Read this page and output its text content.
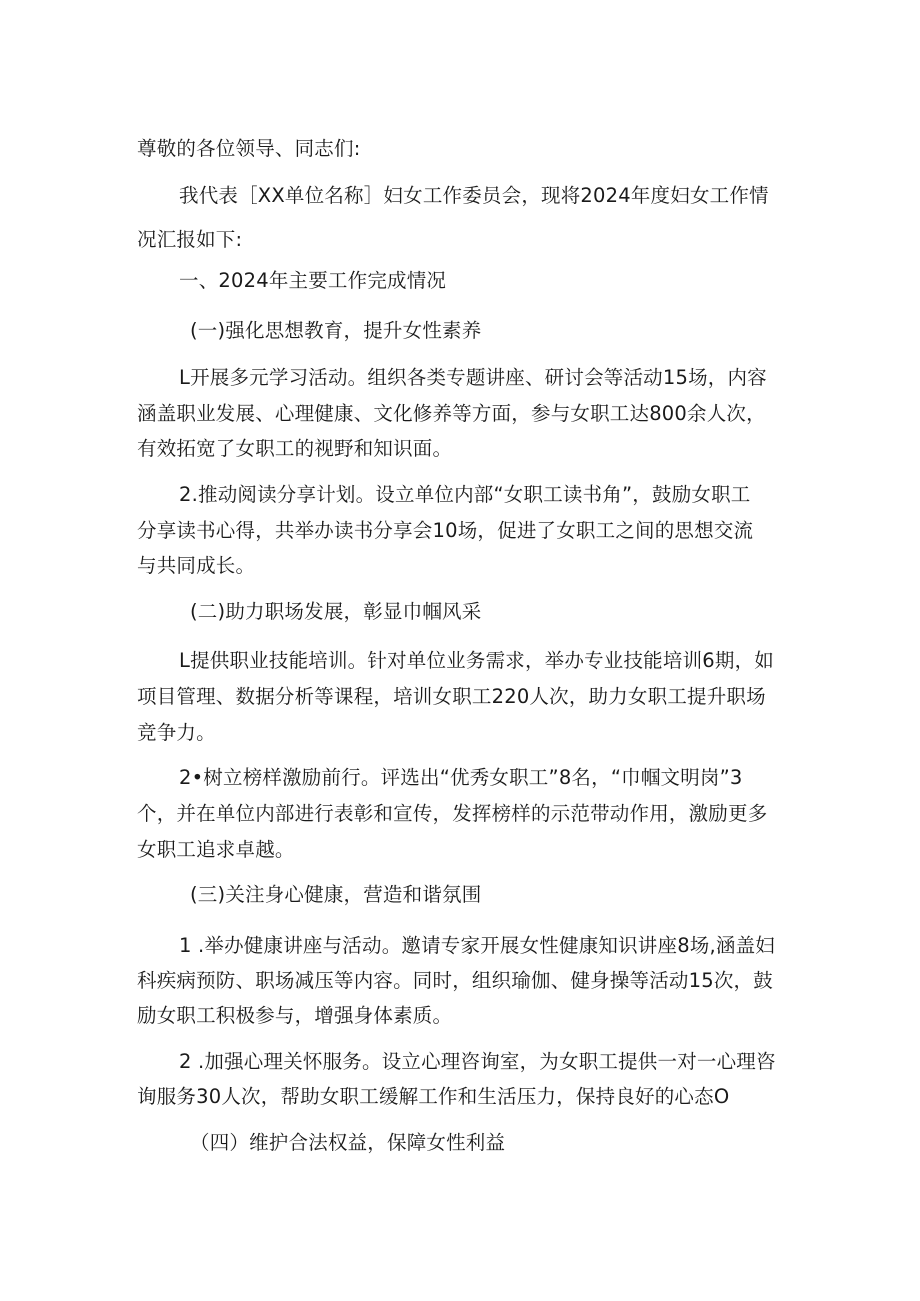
尊敬的各位领导、同志们:
我代表［XX单位名称］妇女工作委员会，现将2024年度妇女工作情
况汇报如下:
一、2024年主要工作完成情况
(一)强化思想教育，提升女性素养
L开展多元学习活动。组织各类专题讲座、研讨会等活动15场，内容
涵盖职业发展、心理健康、文化修养等方面，参与女职工达800余人次，
有效拓宽了女职工的视野和知识面。
2.推动阅读分享计划。设立单位内部“女职工读书角”，鼓励女职工
分享读书心得，共举办读书分享会10场，促进了女职工之间的思想交流
与共同成长。
(二)助力职场发展，彰显巾帼风采
L提供职业技能培训。针对单位业务需求，举办专业技能培训6期，如
项目管理、数据分析等课程，培训女职工220人次，助力女职工提升职场
竞争力。
2•树立榜样激励前行。评选出“优秀女职工”8名，“巾帼文明岗”3
个，并在单位内部进行表彰和宣传，发挥榜样的示范带动作用，激励更多
女职工追求卓越。
(三)关注身心健康，营造和谐氛围
1 .举办健康讲座与活动。邀请专家开展女性健康知识讲座8场,涵盖妇
科疾病预防、职场减压等内容。同时，组织瑜伽、健身操等活动15次，鼓
励女职工积极参与，增强身体素质。
2 .加强心理关怀服务。设立心理咨询室，为女职工提供一对一心理咨
询服务30人次，帮助女职工缓解工作和生活压力，保持良好的心态O
（四）维护合法权益，保障女性利益
